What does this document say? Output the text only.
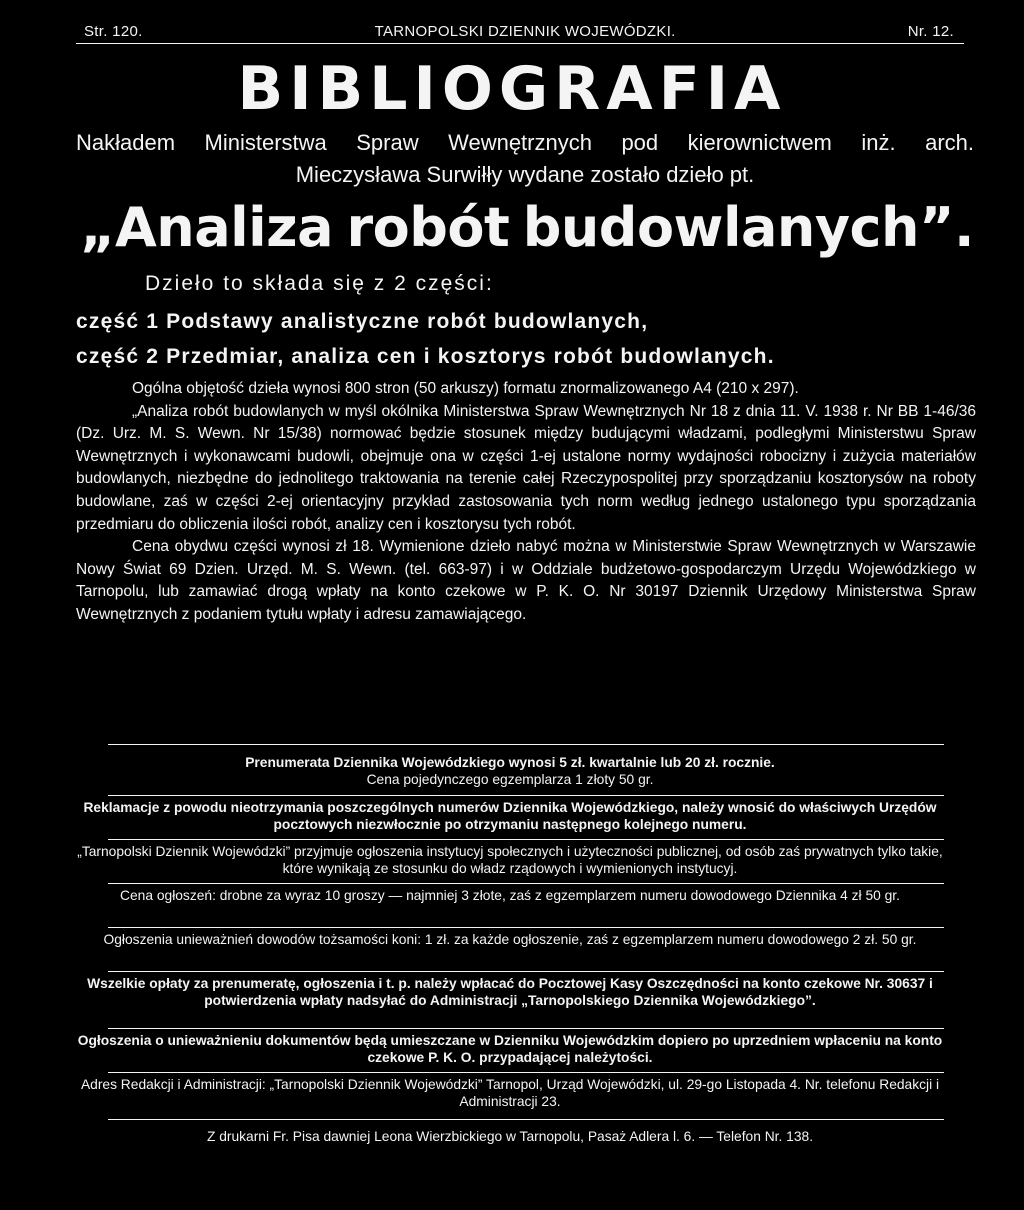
Str. 120.	TARNOPOLSKI DZIENNIK WOJEWÓDZKI.	Nr. 12.
BIBLIOGRAFIA
Nakładem Ministerstwa Spraw Wewnętrznych pod kierownictwem inż. arch.
Mieczysława Surwiłły wydane zostało dzieło pt.
„Analiza robót budowlanych”.
Dzieło to składa się z 2 części:
część 1 Podstawy analistyczne robót budowlanych,
część 2 Przedmiar, analiza cen i kosztorys robót budowlanych.

Ogólna objętość dzieła wynosi 800 stron (50 arkuszy) formatu znormalizowanego A4 (210 x 297).

„Analiza robót budowlanych w myśl okólnika Ministerstwa Spraw Wewnętrznych Nr 18 z dnia 11. V. 1938 r. Nr BB 1-46/36 (Dz. Urz. M. S. Wewn. Nr 15/38) normować będzie stosunek między budującymi władzami, podległymi Ministerstwu Spraw Wewnętrznych i wykonawcami budowli, obejmuje ona w części 1-ej ustalone normy wydajności robocizny i zużycia materiałów budowlanych, niezbędne do jednolitego traktowania na terenie całej Rzeczypospolitej przy sporządzaniu kosztorysów na roboty budowlane, zaś w części 2-ej orientacyjny przykład zastosowania tych norm według jednego ustalonego typu sporządzania przedmiaru do obliczenia ilości robót, analizy cen i kosztorysu tych robót.

Cena obydwu części wynosi zł 18. Wymienione dzieło nabyć można w Ministerstwie Spraw Wewnętrznych w Warszawie Nowy Świat 69 Dzien. Urzęd. M. S. Wewn. (tel. 663-97) i w Oddziale budżetowo-gospodarczym Urzędu Wojewódzkiego w Tarnopolu, lub zamawiać drogą wpłaty na konto czekowe w P. K. O. Nr 30197 Dziennik Urzędowy Ministerstwa Spraw Wewnętrznych z podaniem tytułu wpłaty i adresu zamawiającego.

Prenumerata Dziennika Wojewódzkiego wynosi 5 zł. kwartalnie lub 20 zł. rocznie.
Cena pojedynczego egzemplarza 1 złoty 50 gr.
Reklamacje z powodu nieotrzymania poszczególnych numerów Dziennika Wojewódzkiego, należy wnosić do właściwych Urzędów pocztowych niezwłocznie po otrzymaniu następnego kolejnego numeru.
„Tarnopolski Dziennik Wojewódzki” przyjmuje ogłoszenia instytucyj społecznych i użyteczności publicznej, od osób zaś prywatnych tylko takie, które wynikają ze stosunku do władz rządowych i wymienionych instytucyj.
Cena ogłoszeń: drobne za wyraz 10 groszy — najmniej 3 złote, zaś z egzemplarzem numeru dowodowego Dziennika 4 zł 50 gr.
Ogłoszenia unieważnień dowodów tożsamości koni: 1 zł. za każde ogłoszenie, zaś z egzemplarzem numeru dowodowego 2 zł. 50 gr.
Wszelkie opłaty za prenumeratę, ogłoszenia i t. p. należy wpłacać do Pocztowej Kasy Oszczędności na konto czekowe Nr. 30637 i potwierdzenia wpłaty nadsyłać do Administracji „Tarnopolskiego Dziennika Wojewódzkiego”.
Ogłoszenia o unieważnieniu dokumentów będą umieszczane w Dzienniku Wojewódzkim dopiero po uprzedniem wpłaceniu na konto czekowe P. K. O. przypadającej należytości.
Adres Redakcji i Administracji: „Tarnopolski Dziennik Wojewódzki” Tarnopol, Urząd Wojewódzki, ul. 29-go Listopada 4. Nr. telefonu Redakcji i Administracji 23.
Z drukarni Fr. Pisa dawniej Leona Wierzbickiego w Tarnopolu, Pasaż Adlera l. 6. — Telefon Nr. 138.
